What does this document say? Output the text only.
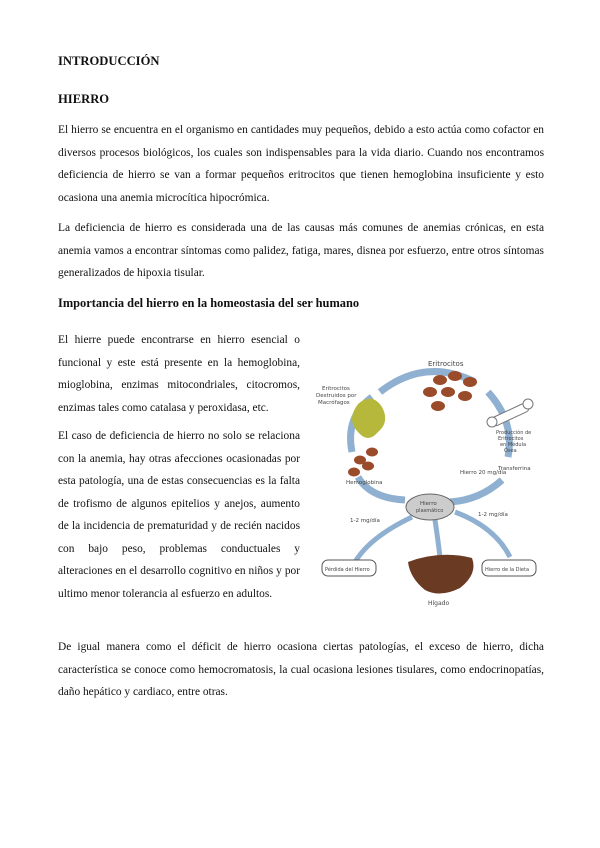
INTRODUCCIÓN
HIERRO

El hierro se encuentra en el organismo en cantidades muy pequeños, debido a esto actúa como cofactor en diversos procesos biológicos, los cuales son indispensables para la vida diario. Cuando nos encontramos deficiencia de hierro se van a formar pequeños eritrocitos que tienen hemoglobina insuficiente y esto ocasiona una anemia microcítica hipocrómica.

La deficiencia de hierro es considerada una de las causas más comunes de anemias crónicas, en esta anemia vamos a encontrar síntomas como palidez, fatiga, mares, disnea por esfuerzo, entre otros síntomas generalizados de hipoxia tisular.

Importancia del hierro en la homeostasia del ser humano

El hierre puede encontrarse en hierro esencial o funcional y este está presente en la hemoglobina, mioglobina, enzimas mitocondriales, citocromos, enzimas tales como catalasa y peroxidasa, etc.

El caso de deficiencia de hierro no solo se relaciona con la anemia, hay otras afecciones ocasionadas por esta patología, una de estas consecuencias es la falta de trofismo de algunos epitelios y anejos, aumento de la incidencia de prematuridad y de recién nacidos con bajo peso, problemas conductuales y alteraciones en el desarrollo cognitivo en niños y por ultimo menor tolerancia al esfuerzo en adultos.

De igual manera como el déficit de hierro ocasiona ciertas patologías, el exceso de hierro, dicha característica se conoce como hemocromatosis, la cual ocasiona lesiones tisulares, como endocrinopatías, daño hepático y cardiaco, entre otras.

Eritrocitos
Eritrocitos
Destruidos por
Macrófagos
Producción de
Eritrocitos
en Médula
Ósea
Transferrina
Hierro 20 mg/día
Hemoglobina
Hierro
plasmático
1-2 mg/día
1-2 mg/día
Pérdida del Hierro
Hígado
Hierro de la Dieta
